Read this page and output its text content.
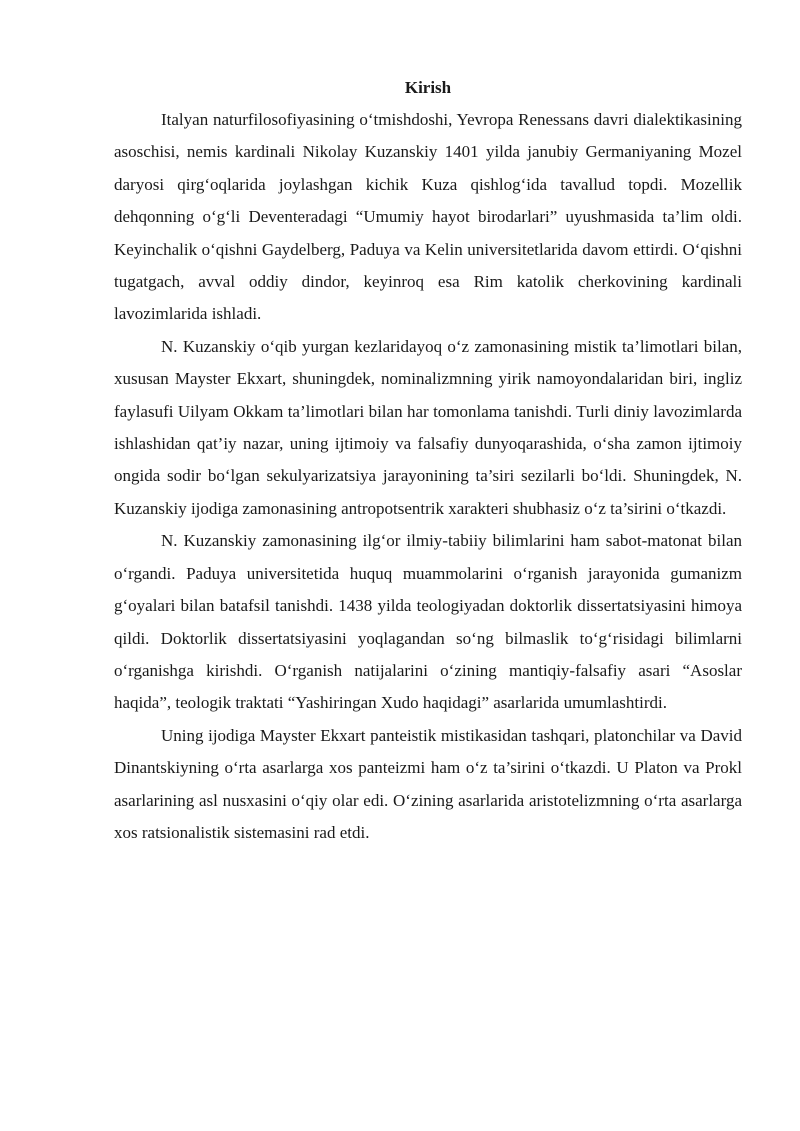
Kirish

Italyan naturfilosofiyasining o‘tmishdoshi, Yevropa Renessans davri dialektikasining asoschisi, nemis kardinali Nikolay Kuzanskiy 1401 yilda janubiy Germaniyaning Mozel daryosi qirg‘oqlarida joylashgan kichik Kuza qishlog‘ida tavallud topdi. Mozellik dehqonning o‘g‘li Deventeradagi “Umumiy hayot birodarlari” uyushmasida ta’lim oldi. Keyinchalik o‘qishni Gaydelberg, Paduya va Kelin universitetlarida davom ettirdi. O‘qishni tugatgach, avval oddiy dindor, keyinroq esa Rim katolik cherkovining kardinali lavozimlarida ishladi.

N. Kuzanskiy o‘qib yurgan kezlaridayoq o‘z zamonasining mistik ta’limotlari bilan, xususan Mayster Ekxart, shuningdek, nominalizmning yirik namoyondalaridan biri, ingliz faylasufi Uilyam Okkam ta’limotlari bilan har tomonlama tanishdi. Turli diniy lavozimlarda ishlashidan qat’iy nazar, uning ijtimoiy va falsafiy dunyoqarashida, o‘sha zamon ijtimoiy ongida sodir bo‘lgan sekulyarizatsiya jarayonining ta’siri sezilarli bo‘ldi. Shuningdek, N. Kuzanskiy ijodiga zamonasining antropotsentrik xarakteri shubhasiz o‘z ta’sirini o‘tkazdi.

N. Kuzanskiy zamonasining ilg‘or ilmiy-tabiiy bilimlarini ham sabot-matonat bilan o‘rgandi. Paduya universitetida huquq muammolarini o‘rganish jarayonida gumanizm g‘oyalari bilan batafsil tanishdi. 1438 yilda teologiyadan doktorlik dissertatsiyasini himoya qildi. Doktorlik dissertatsiyasini yoqlagandan so‘ng bilmaslik to‘g‘risidagi bilimlarni o‘rganishga kirishdi. O‘rganish natijalarini o‘zining mantiqiy-falsafiy asari “Asoslar haqida”, teologik traktati “Yashiringan Xudo haqidagi” asarlarida umumlashtirdi.

Uning ijodiga Mayster Ekxart panteistik mistikasidan tashqari, platonchilar va David Dinantskiyning o‘rta asarlarga xos panteizmi ham o‘z ta’sirini o‘tkazdi. U Platon va Prokl asarlarining asl nusxasini o‘qiy olar edi. O‘zining asarlarida aristotelizmning o‘rta asarlarga xos ratsionalistik sistemasini rad etdi.
